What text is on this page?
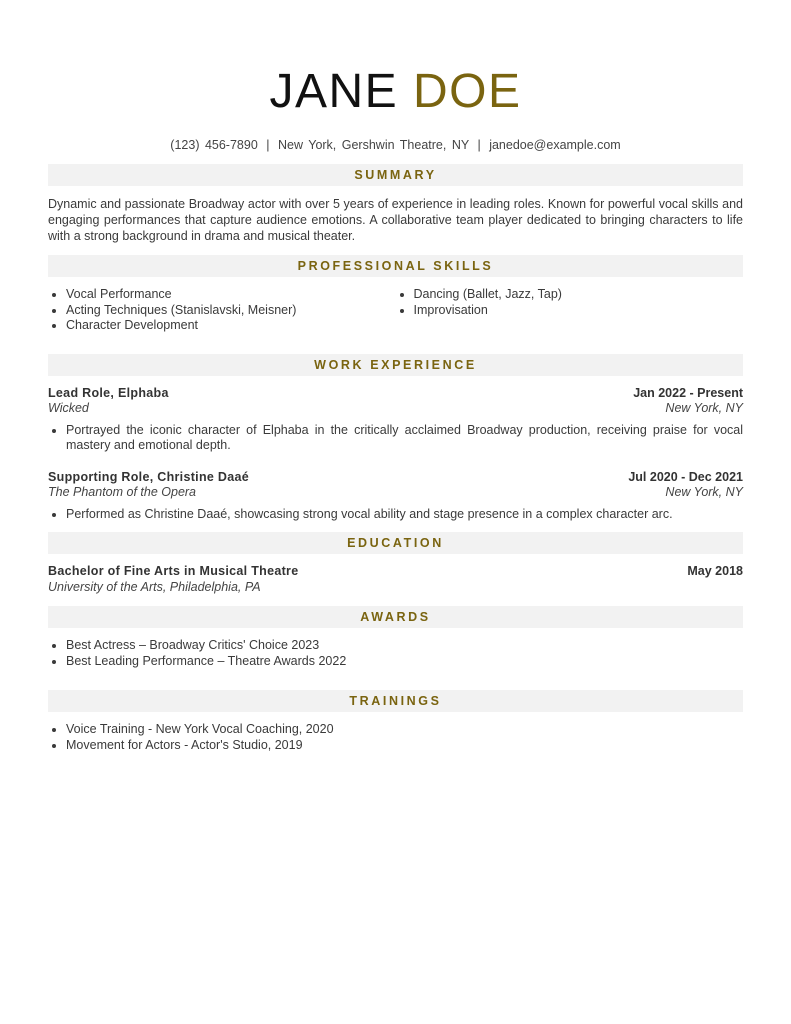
JANE DOE
(123) 456-7890 | New York, Gershwin Theatre, NY | janedoe@example.com
SUMMARY

Dynamic and passionate Broadway actor with over 5 years of experience in leading roles. Known for powerful vocal skills and engaging performances that capture audience emotions. A collaborative team player dedicated to bringing characters to life with a strong background in drama and musical theater.

PROFESSIONAL SKILLS
• Vocal Performance
• Acting Techniques (Stanislavski, Meisner)
• Character Development
• Dancing (Ballet, Jazz, Tap)
• Improvisation
WORK EXPERIENCE
Lead Role, Elphaba	Jan 2022 - Present
Wicked	New York, NY
• Portrayed the iconic character of Elphaba in the critically acclaimed Broadway production, receiving praise for vocal mastery and emotional depth.
Supporting Role, Christine Daaé	Jul 2020 - Dec 2021
The Phantom of the Opera	New York, NY
• Performed as Christine Daaé, showcasing strong vocal ability and stage presence in a complex character arc.
EDUCATION
Bachelor of Fine Arts in Musical Theatre	May 2018
University of the Arts, Philadelphia, PA
AWARDS
• Best Actress – Broadway Critics' Choice 2023
• Best Leading Performance – Theatre Awards 2022
TRAININGS
• Voice Training - New York Vocal Coaching, 2020
• Movement for Actors - Actor's Studio, 2019
